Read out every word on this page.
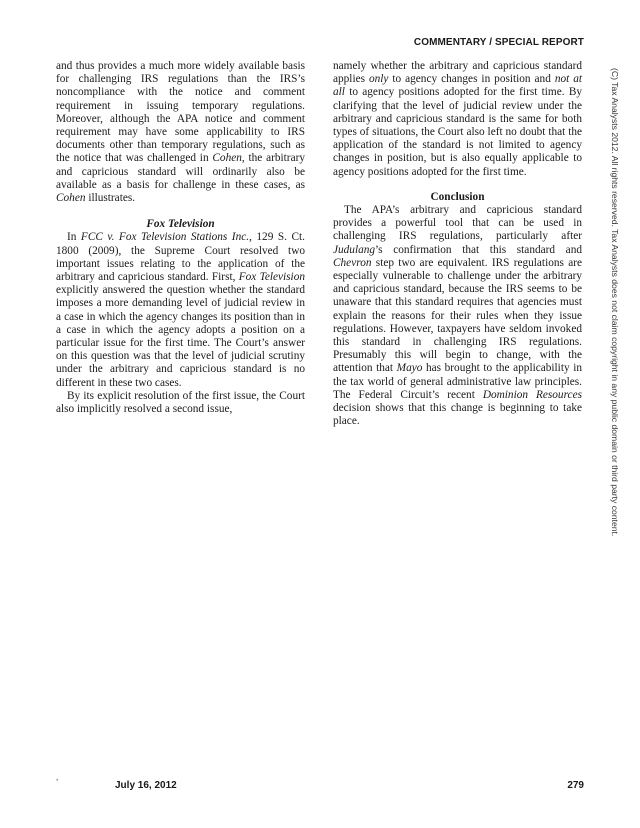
COMMENTARY / SPECIAL REPORT
(C) Tax Analysts 2012. All rights reserved. Tax Analysts does not claim copyright in any public domain or third party content.

and thus provides a much more widely available basis for challenging IRS regulations than the IRS’s noncompliance with the notice and comment requirement in issuing temporary regulations. Moreover, although the APA notice and comment requirement may have some applicability to IRS documents other than temporary regulations, such as the notice that was challenged in Cohen, the arbitrary and capricious standard will ordinarily also be available as a basis for challenge in these cases, as Cohen illustrates.

Fox Television

In FCC v. Fox Television Stations Inc., 129 S. Ct. 1800 (2009), the Supreme Court resolved two important issues relating to the application of the arbitrary and capricious standard. First, Fox Television explicitly answered the question whether the standard imposes a more demanding level of judicial review in a case in which the agency changes its position than in a case in which the agency adopts a position on a particular issue for the first time. The Court’s answer on this question was that the level of judicial scrutiny under the arbitrary and capricious standard is no different in these two cases.

By its explicit resolution of the first issue, the Court also implicitly resolved a second issue,

namely whether the arbitrary and capricious standard applies only to agency changes in position and not at all to agency positions adopted for the first time. By clarifying that the level of judicial review under the arbitrary and capricious standard is the same for both types of situations, the Court also left no doubt that the application of the standard is not limited to agency changes in position, but is also equally applicable to agency positions adopted for the first time.

Conclusion

The APA’s arbitrary and capricious standard provides a powerful tool that can be used in challenging IRS regulations, particularly after Judulang’s confirmation that this standard and Chevron step two are equivalent. IRS regulations are especially vulnerable to challenge under the arbitrary and capricious standard, because the IRS seems to be unaware that this standard requires that agencies must explain the reasons for their rules when they issue regulations. However, taxpayers have seldom invoked this standard in challenging IRS regulations. Presumably this will begin to change, with the attention that Mayo has brought to the applicability in the tax world of general administrative law principles. The Federal Circuit’s recent Dominion Resources decision shows that this change is beginning to take place.

*	July 16, 2012	279
